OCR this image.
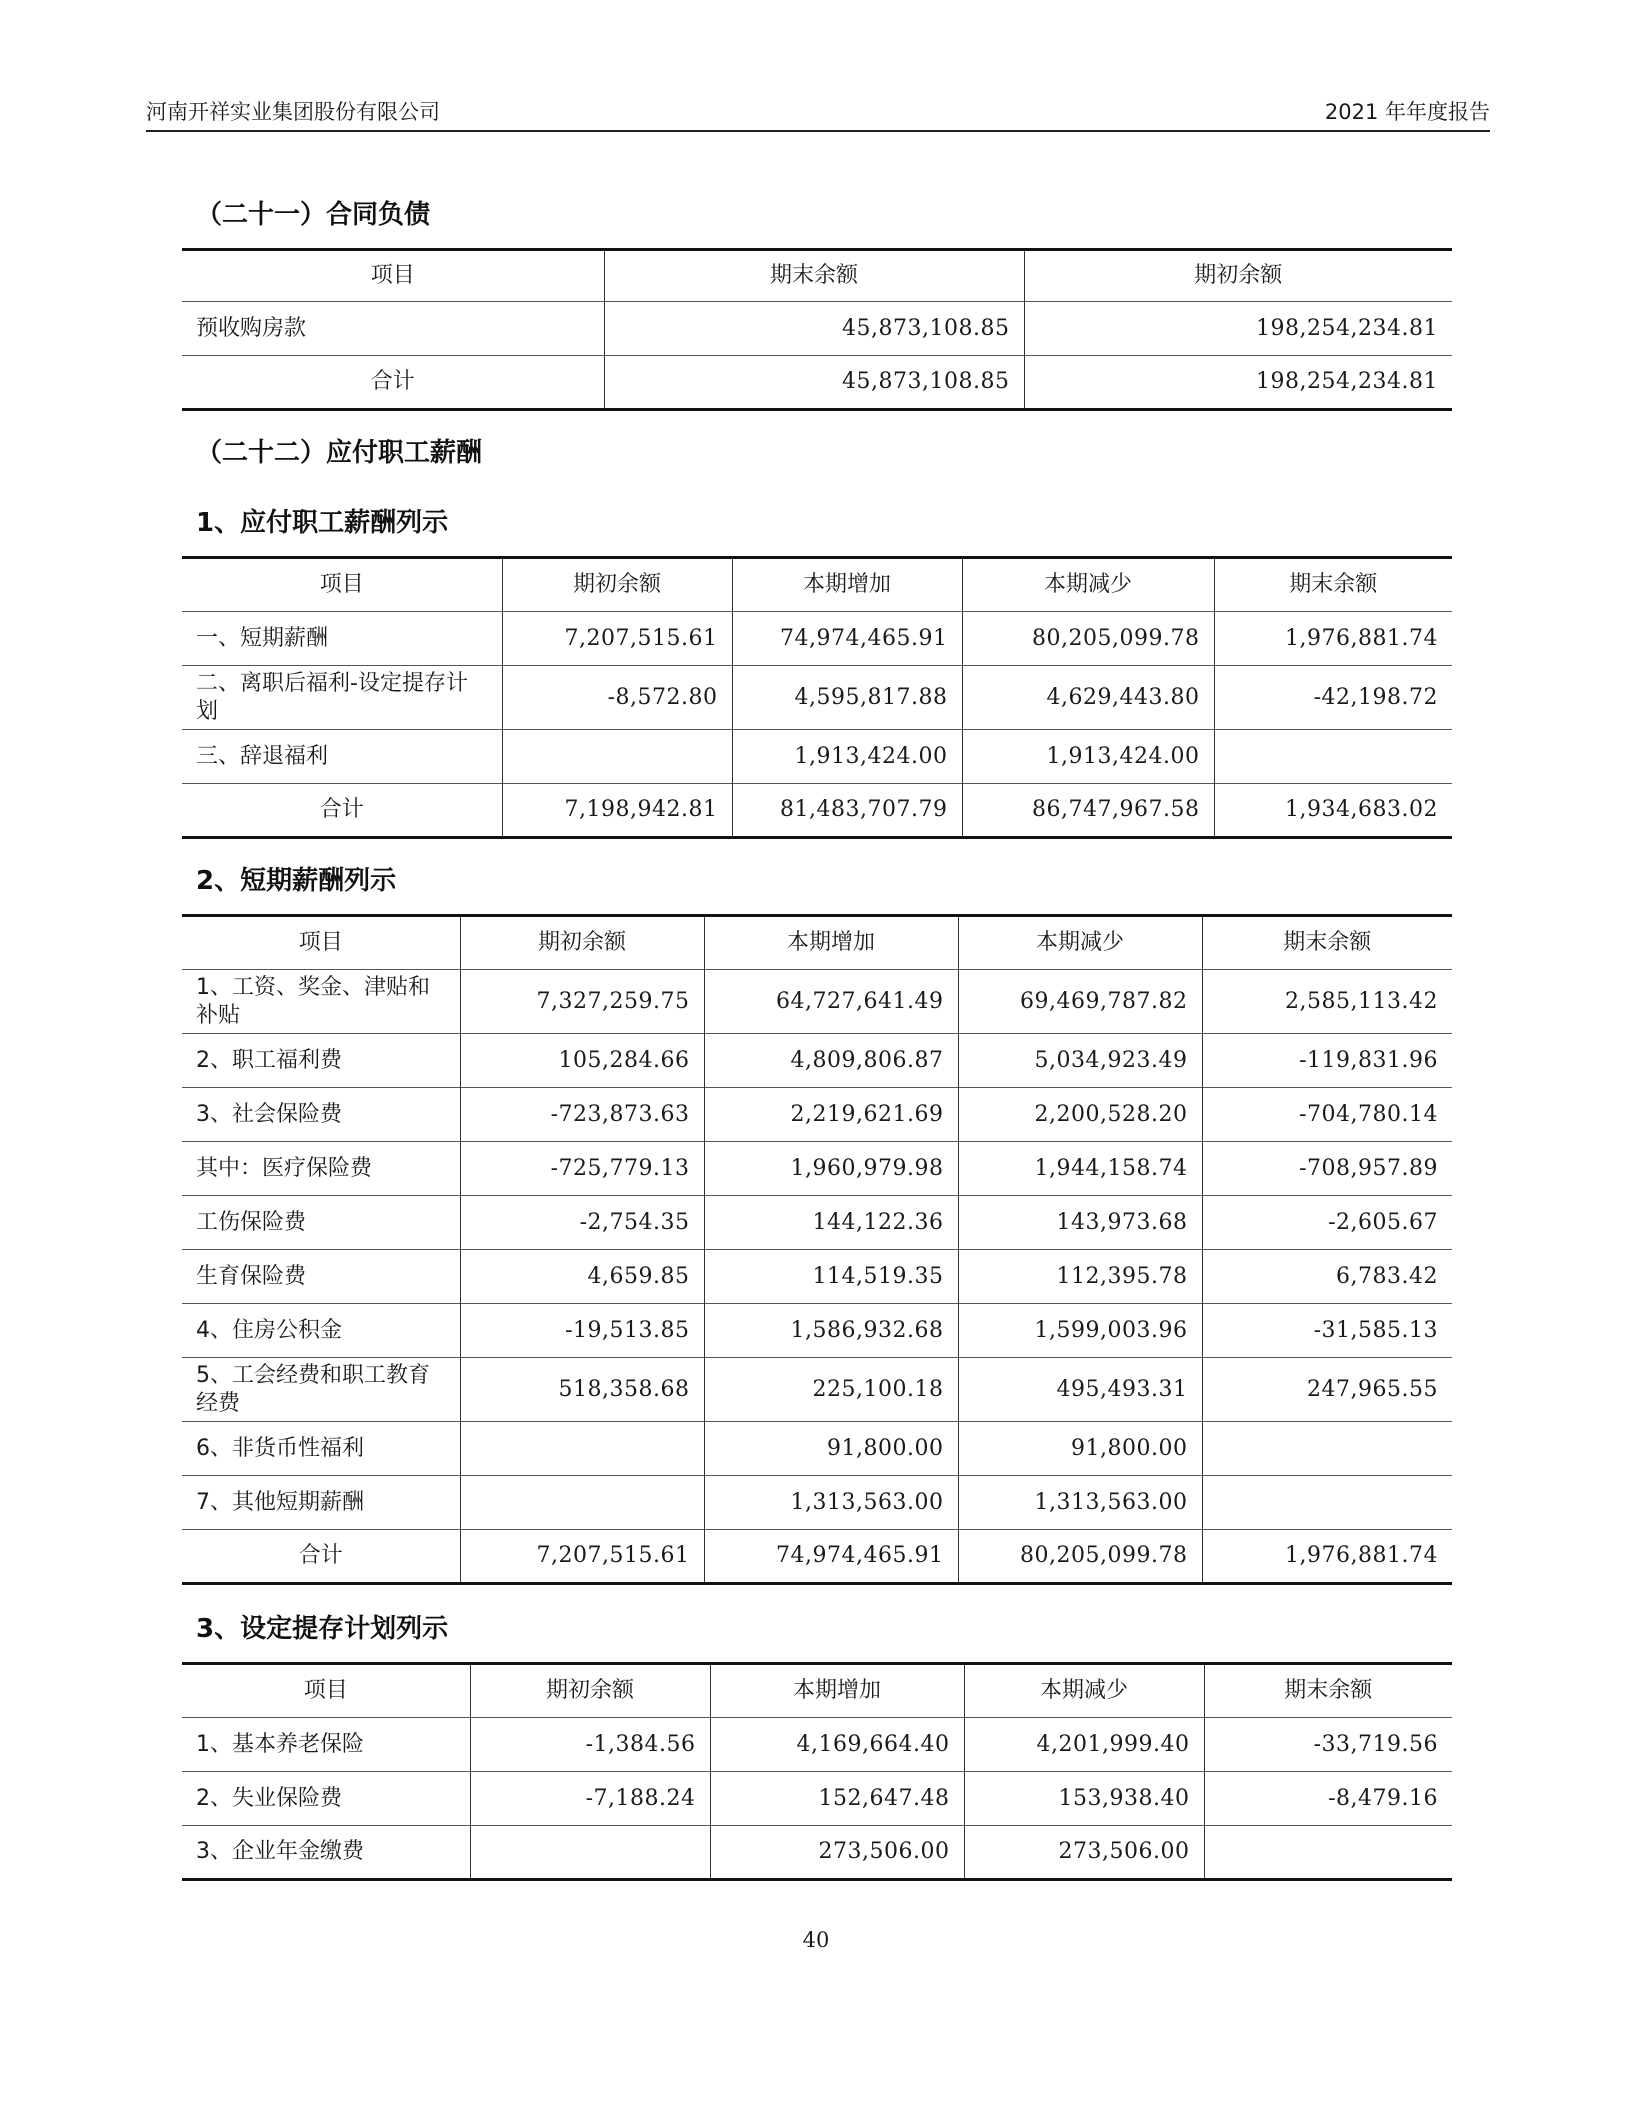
河南开祥实业集团股份有限公司	2021 年年度报告
（二十一）合同负债
项目	期末余额	期初余额
预收购房款	45,873,108.85	198,254,234.81
合计	45,873,108.85	198,254,234.81
（二十二）应付职工薪酬
1、应付职工薪酬列示
项目	期初余额	本期增加	本期减少	期末余额
一、短期薪酬	7,207,515.61	74,974,465.91	80,205,099.78	1,976,881.74
二、离职后福利-设定提存计划	-8,572.80	4,595,817.88	4,629,443.80	-42,198.72
三、辞退福利		1,913,424.00	1,913,424.00	
合计	7,198,942.81	81,483,707.79	86,747,967.58	1,934,683.02
2、短期薪酬列示
项目	期初余额	本期增加	本期减少	期末余额
1、工资、奖金、津贴和补贴	7,327,259.75	64,727,641.49	69,469,787.82	2,585,113.42
2、职工福利费	105,284.66	4,809,806.87	5,034,923.49	-119,831.96
3、社会保险费	-723,873.63	2,219,621.69	2,200,528.20	-704,780.14
其中：医疗保险费	-725,779.13	1,960,979.98	1,944,158.74	-708,957.89
工伤保险费	-2,754.35	144,122.36	143,973.68	-2,605.67
生育保险费	4,659.85	114,519.35	112,395.78	6,783.42
4、住房公积金	-19,513.85	1,586,932.68	1,599,003.96	-31,585.13
5、工会经费和职工教育经费	518,358.68	225,100.18	495,493.31	247,965.55
6、非货币性福利		91,800.00	91,800.00	
7、其他短期薪酬		1,313,563.00	1,313,563.00	
合计	7,207,515.61	74,974,465.91	80,205,099.78	1,976,881.74
3、设定提存计划列示
项目	期初余额	本期增加	本期减少	期末余额
1、基本养老保险	-1,384.56	4,169,664.40	4,201,999.40	-33,719.56
2、失业保险费	-7,188.24	152,647.48	153,938.40	-8,479.16
3、企业年金缴费		273,506.00	273,506.00	
40
